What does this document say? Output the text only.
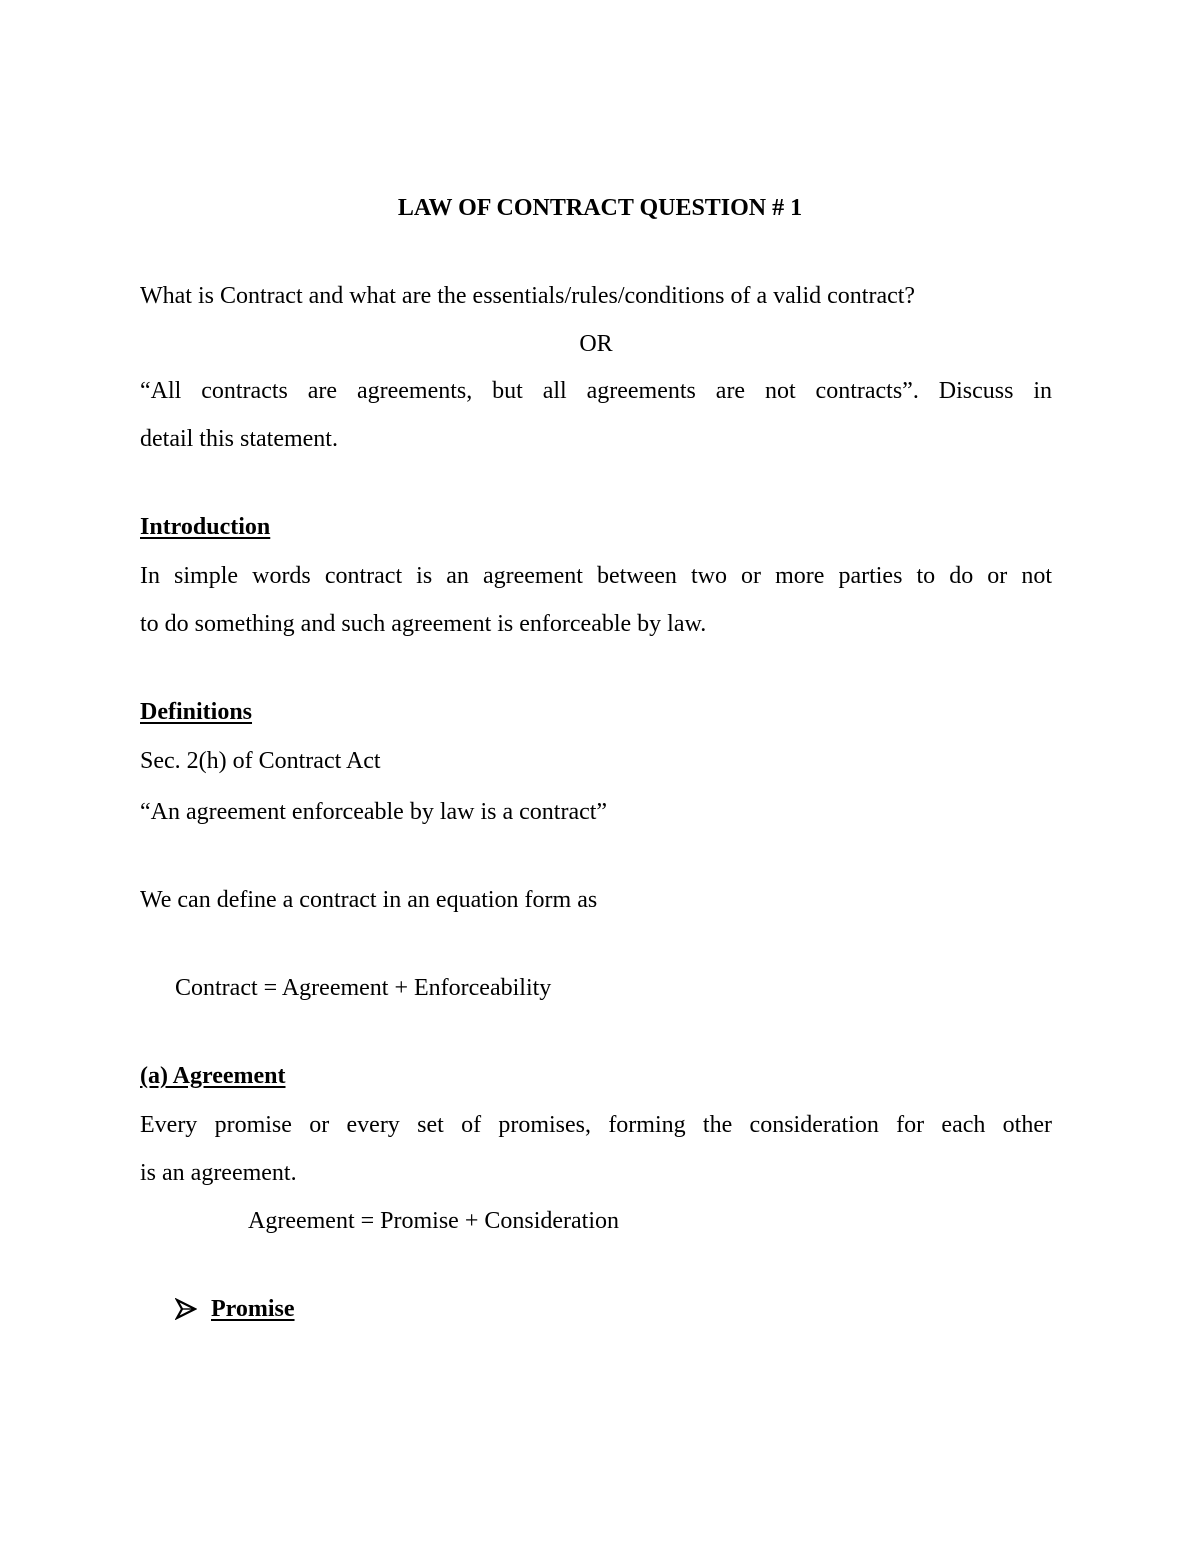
LAW OF CONTRACT QUESTION # 1
What is Contract and what are the essentials/rules/conditions of a valid contract?
OR
“All contracts are agreements, but all agreements are not contracts”. Discuss in
detail this statement.
Introduction
In simple words contract is an agreement between two or more parties to do or not
to do something and such agreement is enforceable by law.
Definitions
Sec. 2(h) of Contract Act
“An agreement enforceable by law is a contract”
We can define a contract in an equation form as
Contract = Agreement + Enforceability
(a) Agreement
Every promise or every set of promises, forming the consideration for each other
is an agreement.
Agreement = Promise + Consideration
Promise
